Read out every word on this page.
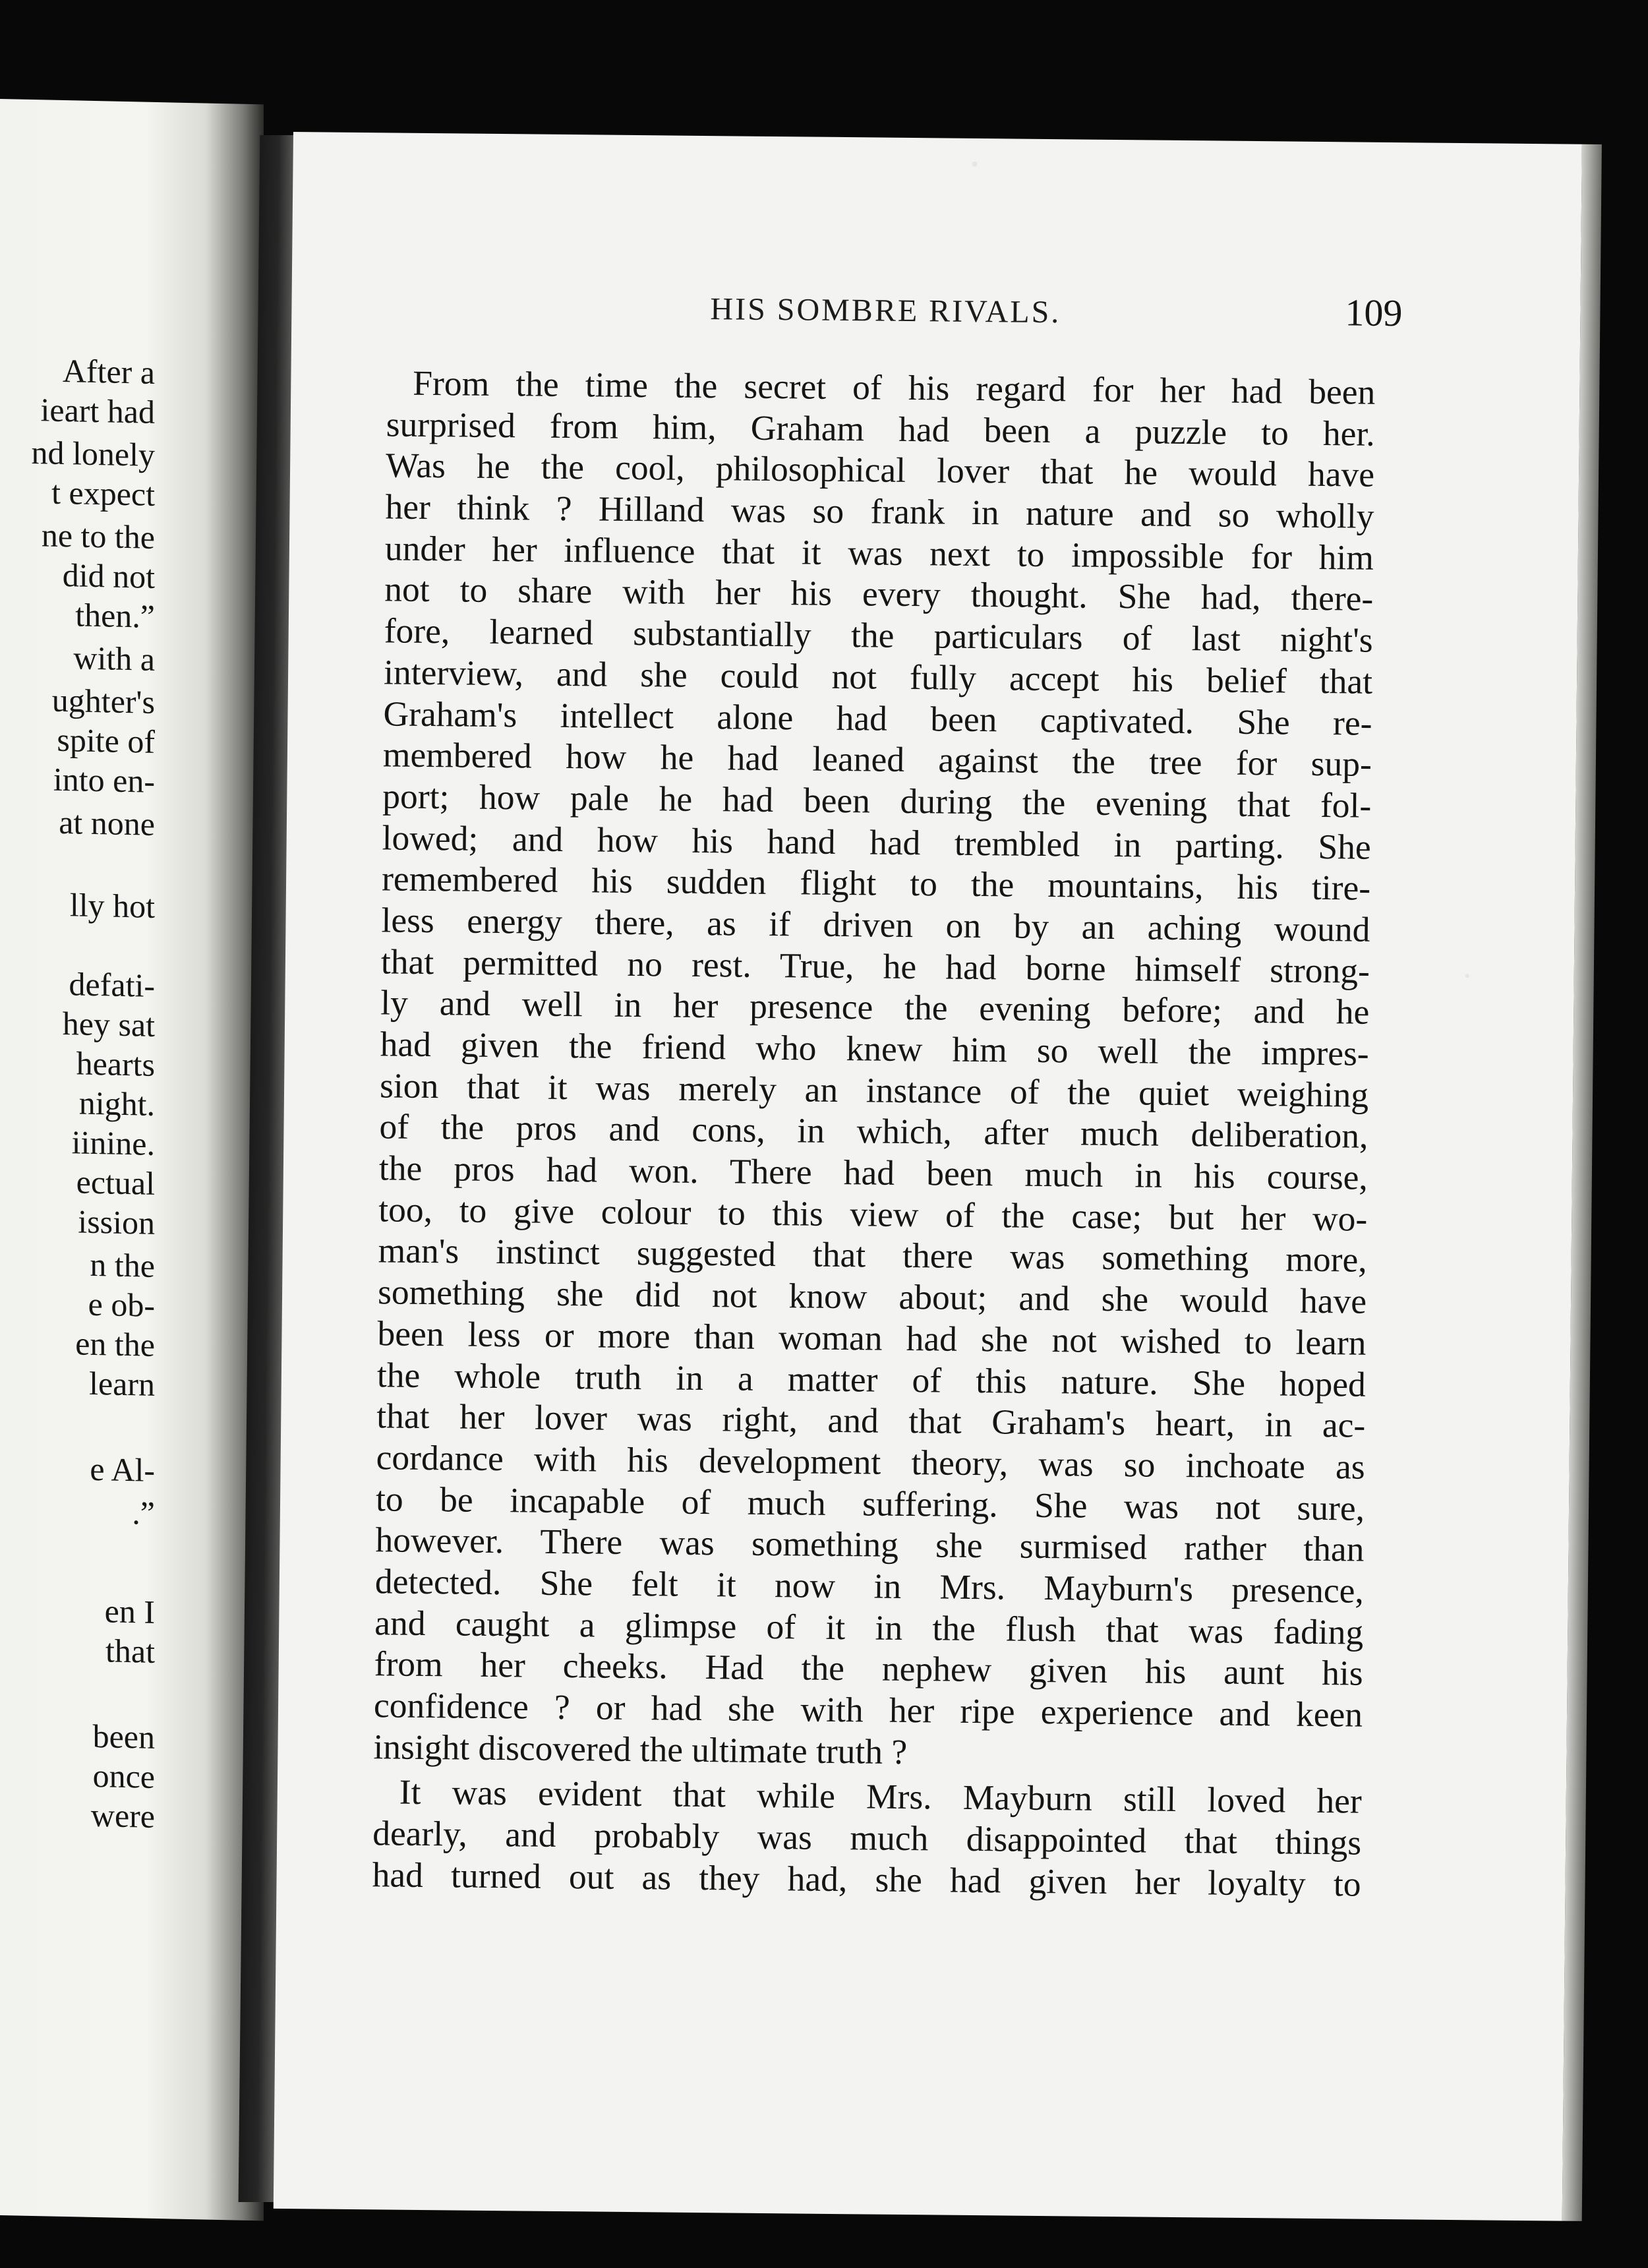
After a
ieart had
nd lonely
t expect
ne to the
did not
then.”
with a
ughter's
spite of
into en-
at none
lly hot
defati-
hey sat
hearts
night.
iinine.
ectual
ission
n the
e ob-
en the
learn
e Al-
.”
en I
that
been
once
were
HIS SOMBRE RIVALS.	109
From the time the secret of his regard for her had been
surprised from him, Graham had been a puzzle to her.
Was he the cool, philosophical lover that he would have
her think ? Hilland was so frank in nature and so wholly
under her influence that it was next to impossible for him
not to share with her his every thought. She had, there-
fore, learned substantially the particulars of last night's
interview, and she could not fully accept his belief that
Graham's intellect alone had been captivated. She re-
membered how he had leaned against the tree for sup-
port; how pale he had been during the evening that fol-
lowed; and how his hand had trembled in parting. She
remembered his sudden flight to the mountains, his tire-
less energy there, as if driven on by an aching wound
that permitted no rest. True, he had borne himself strong-
ly and well in her presence the evening before; and he
had given the friend who knew him so well the impres-
sion that it was merely an instance of the quiet weighing
of the pros and cons, in which, after much deliberation,
the pros had won. There had been much in his course,
too, to give colour to this view of the case; but her wo-
man's instinct suggested that there was something more,
something she did not know about; and she would have
been less or more than woman had she not wished to learn
the whole truth in a matter of this nature. She hoped
that her lover was right, and that Graham's heart, in ac-
cordance with his development theory, was so inchoate as
to be incapable of much suffering. She was not sure,
however. There was something she surmised rather than
detected. She felt it now in Mrs. Mayburn's presence,
and caught a glimpse of it in the flush that was fading
from her cheeks. Had the nephew given his aunt his
confidence ? or had she with her ripe experience and keen
insight discovered the ultimate truth ?
It was evident that while Mrs. Mayburn still loved her
dearly, and probably was much disappointed that things
had turned out as they had, she had given her loyalty to
